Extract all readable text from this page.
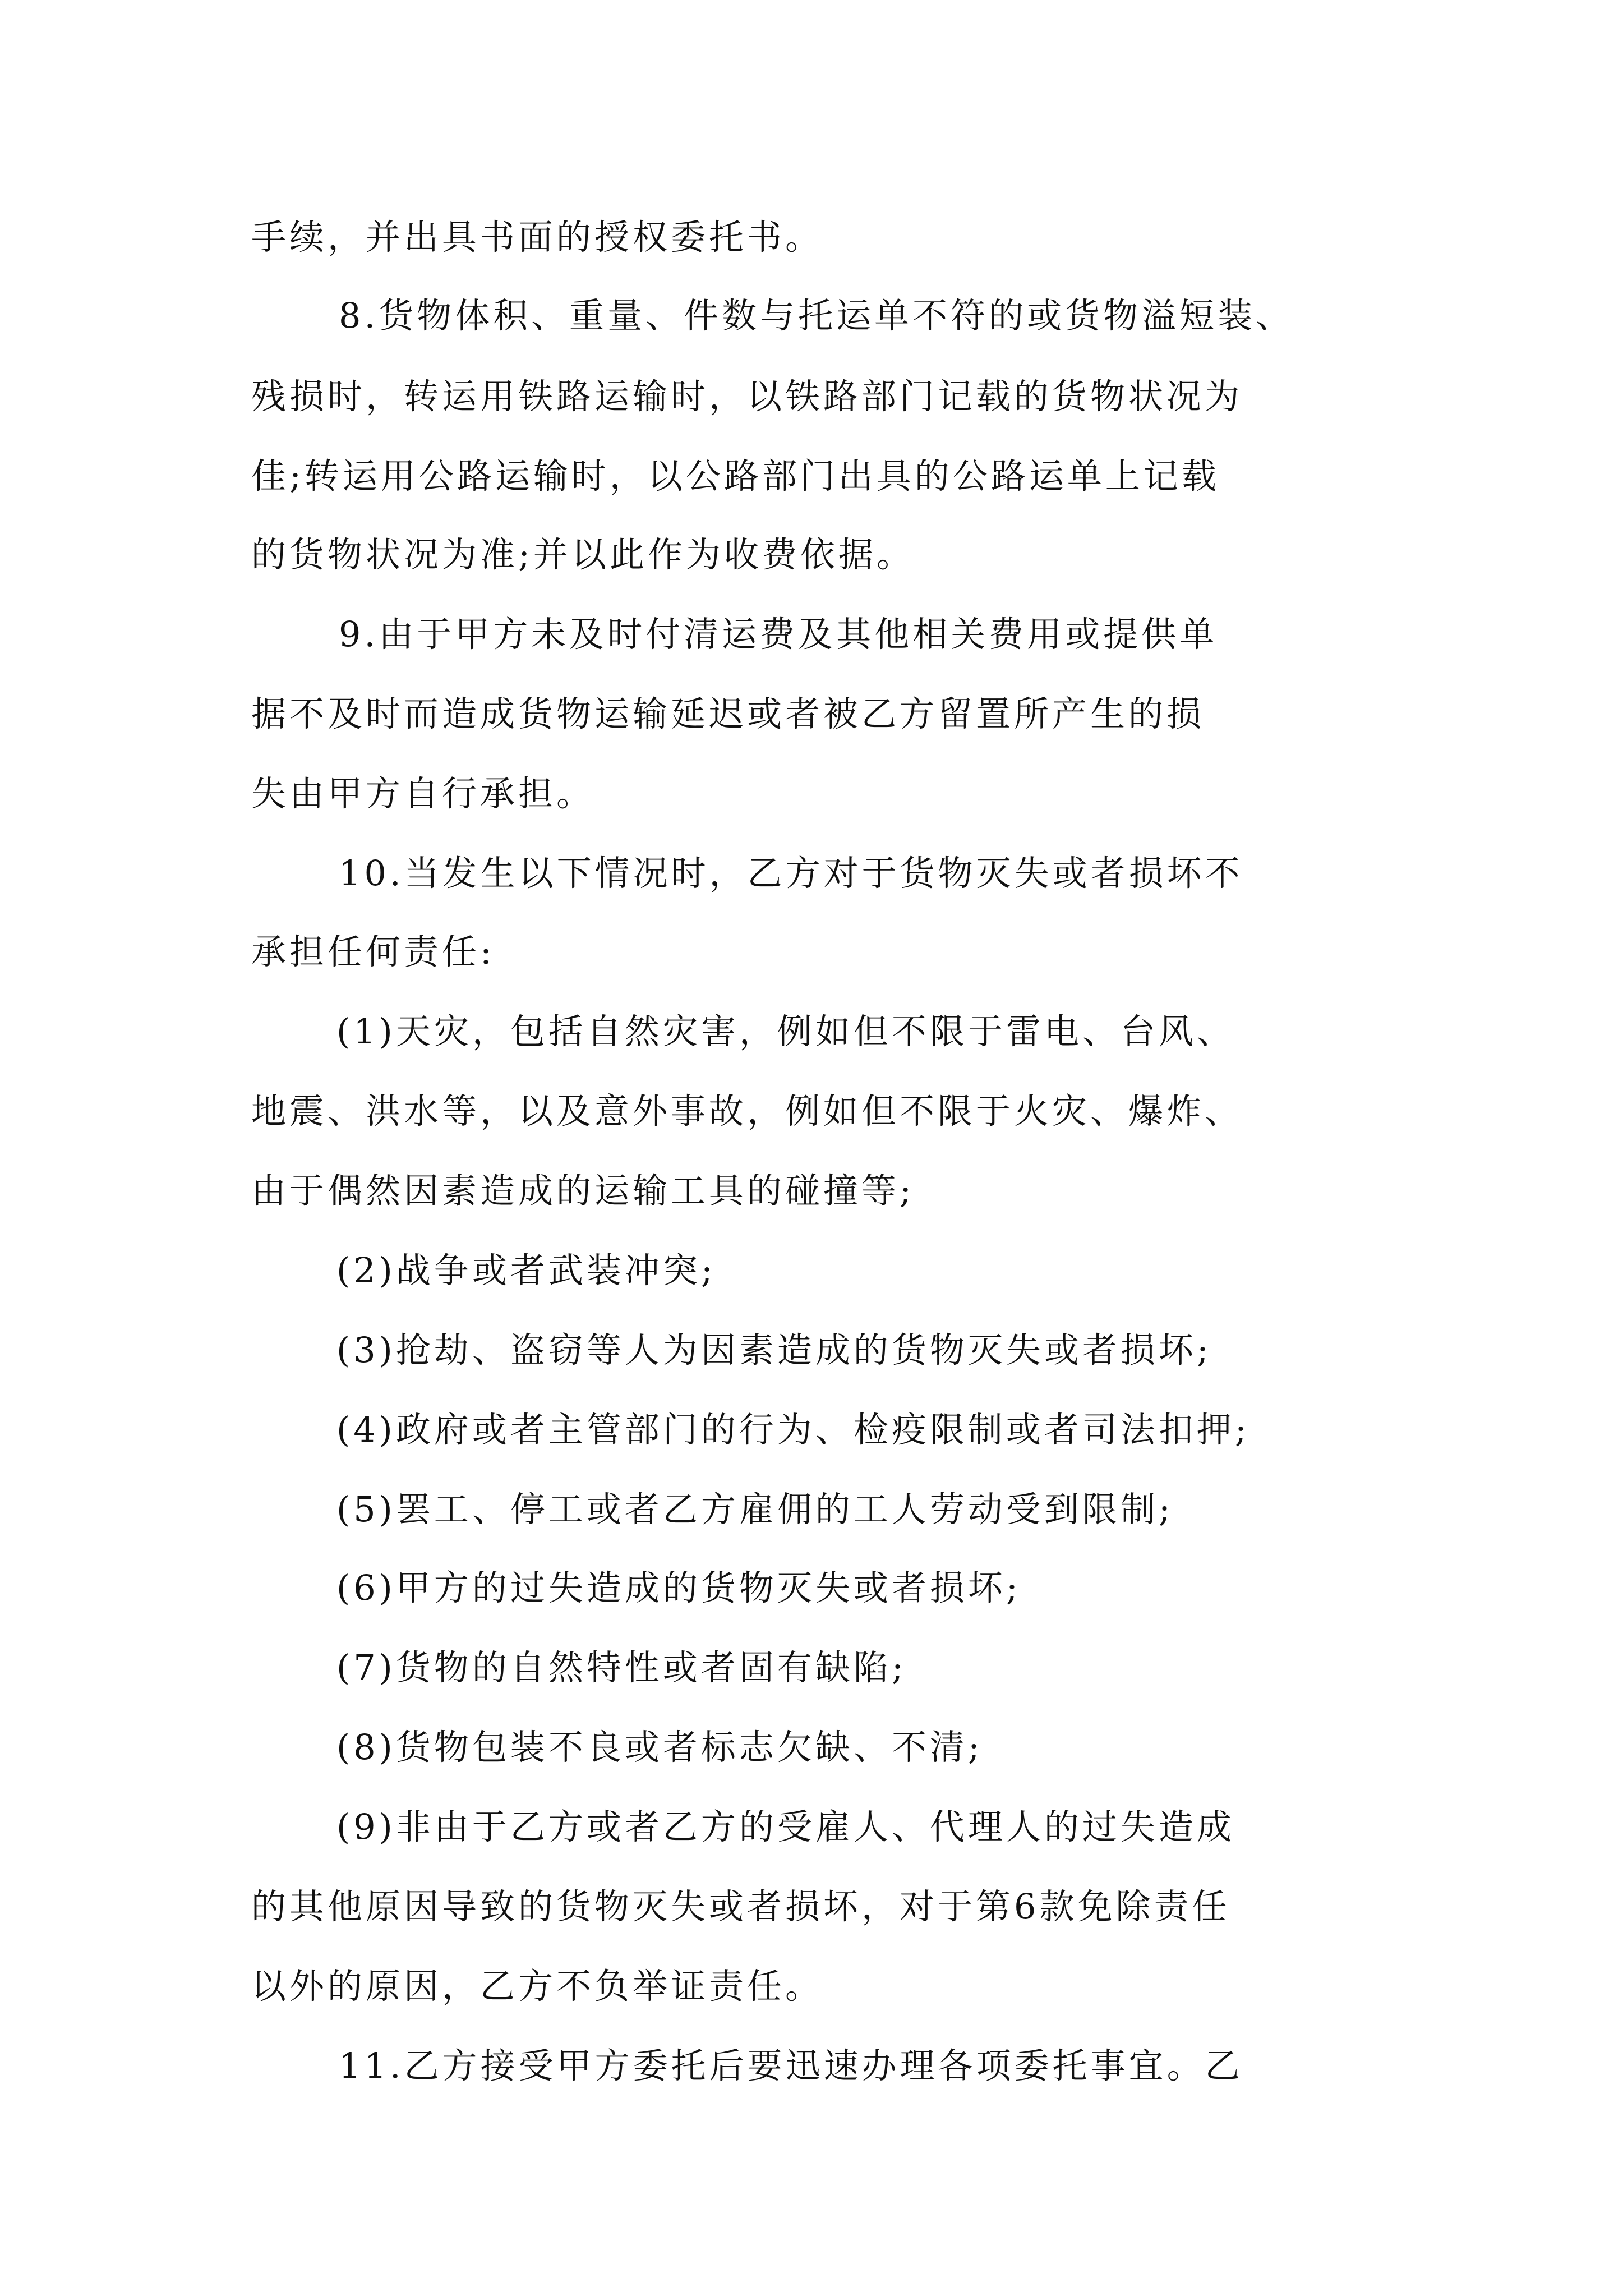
手续，并出具书面的授权委托书。
8.货物体积、重量、件数与托运单不符的或货物溢短装、
残损时，转运用铁路运输时，以铁路部门记载的货物状况为
佳;转运用公路运输时，以公路部门出具的公路运单上记载
的货物状况为准;并以此作为收费依据。
9.由于甲方未及时付清运费及其他相关费用或提供单
据不及时而造成货物运输延迟或者被乙方留置所产生的损
失由甲方自行承担。
10.当发生以下情况时，乙方对于货物灭失或者损坏不
承担任何责任:
(1)天灾，包括自然灾害，例如但不限于雷电、台风、
地震、洪水等，以及意外事故，例如但不限于火灾、爆炸、
由于偶然因素造成的运输工具的碰撞等;
(2)战争或者武装冲突;
(3)抢劫、盗窃等人为因素造成的货物灭失或者损坏;
(4)政府或者主管部门的行为、检疫限制或者司法扣押;
(5)罢工、停工或者乙方雇佣的工人劳动受到限制;
(6)甲方的过失造成的货物灭失或者损坏;
(7)货物的自然特性或者固有缺陷;
(8)货物包装不良或者标志欠缺、不清;
(9)非由于乙方或者乙方的受雇人、代理人的过失造成
的其他原因导致的货物灭失或者损坏，对于第6款免除责任
以外的原因，乙方不负举证责任。
11.乙方接受甲方委托后要迅速办理各项委托事宜。乙
